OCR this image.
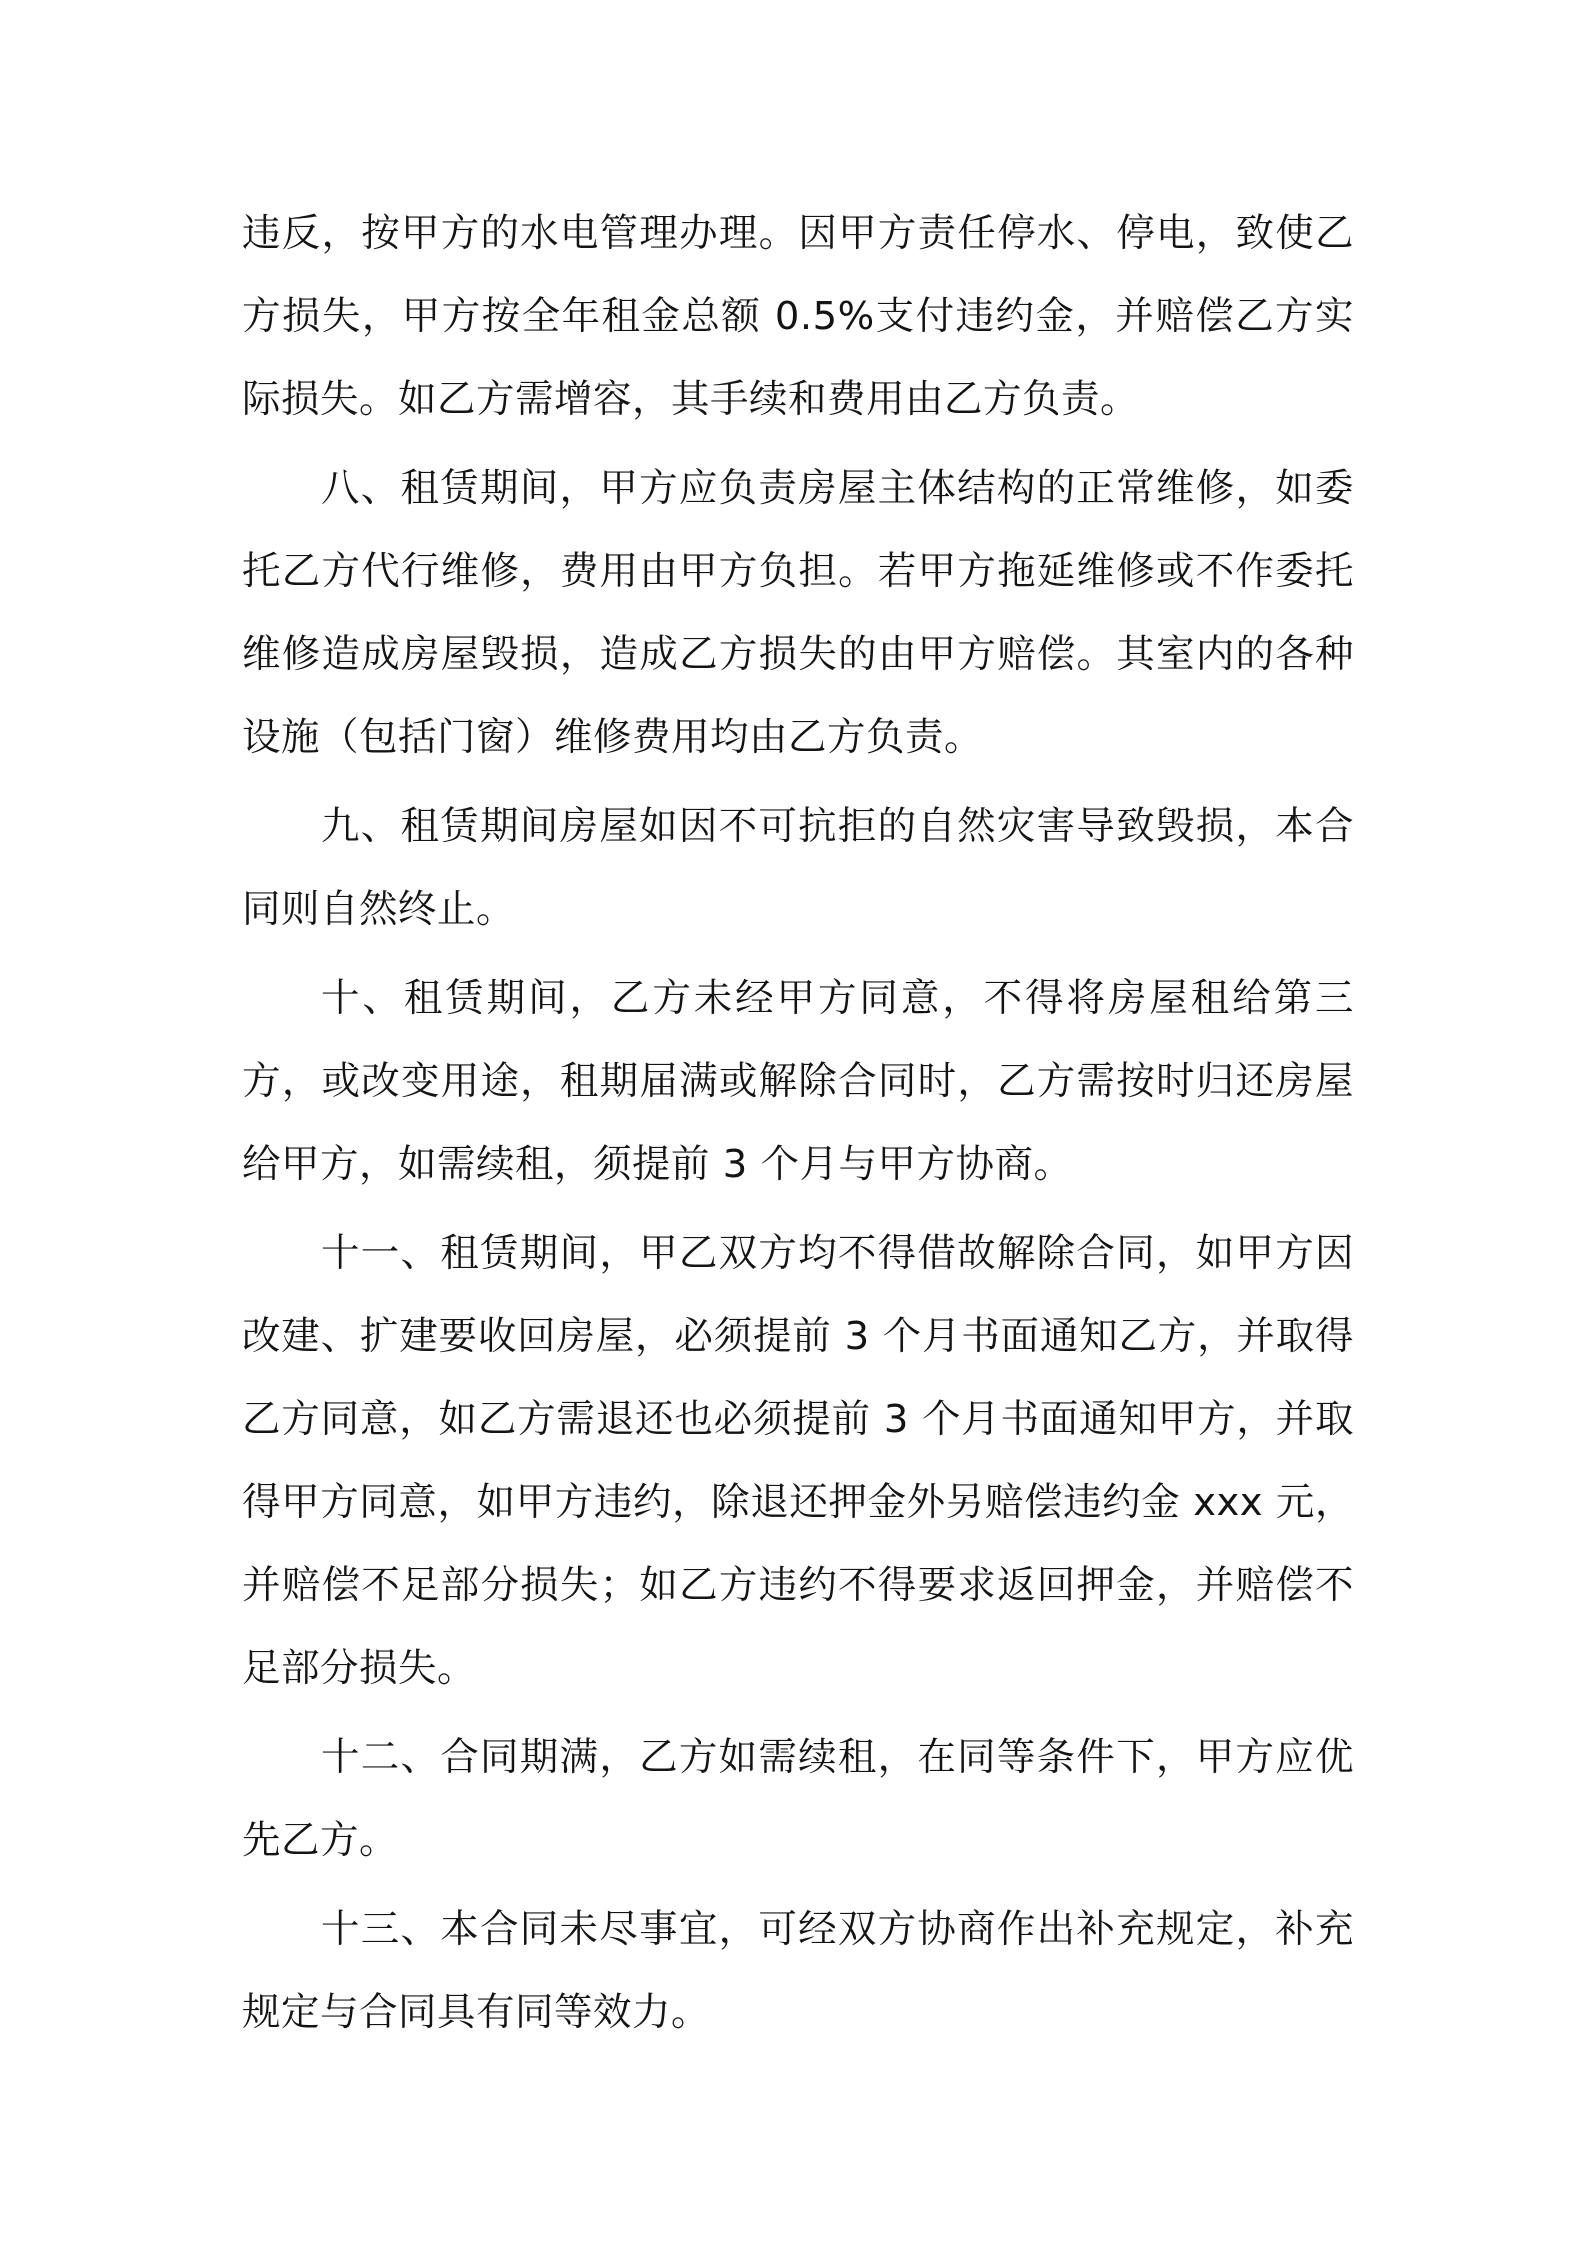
违反，按甲方的水电管理办理。因甲方责任停水、停电，致使乙方损失，甲方按全年租金总额 0.5%支付违约金，并赔偿乙方实际损失。如乙方需增容，其手续和费用由乙方负责。

八、租赁期间，甲方应负责房屋主体结构的正常维修，如委托乙方代行维修，费用由甲方负担。若甲方拖延维修或不作委托维修造成房屋毁损，造成乙方损失的由甲方赔偿。其室内的各种设施（包括门窗）维修费用均由乙方负责。

九、租赁期间房屋如因不可抗拒的自然灾害导致毁损，本合同则自然终止。

十、租赁期间，乙方未经甲方同意，不得将房屋租给第三方，或改变用途，租期届满或解除合同时，乙方需按时归还房屋给甲方，如需续租，须提前 3 个月与甲方协商。

十一、租赁期间，甲乙双方均不得借故解除合同，如甲方因改建、扩建要收回房屋，必须提前 3 个月书面通知乙方，并取得乙方同意，如乙方需退还也必须提前 3 个月书面通知甲方，并取得甲方同意，如甲方违约，除退还押金外另赔偿违约金 xxx 元，并赔偿不足部分损失；如乙方违约不得要求返回押金，并赔偿不足部分损失。

十二、合同期满，乙方如需续租，在同等条件下，甲方应优先乙方。

十三、本合同未尽事宜，可经双方协商作出补充规定，补充规定与合同具有同等效力。
